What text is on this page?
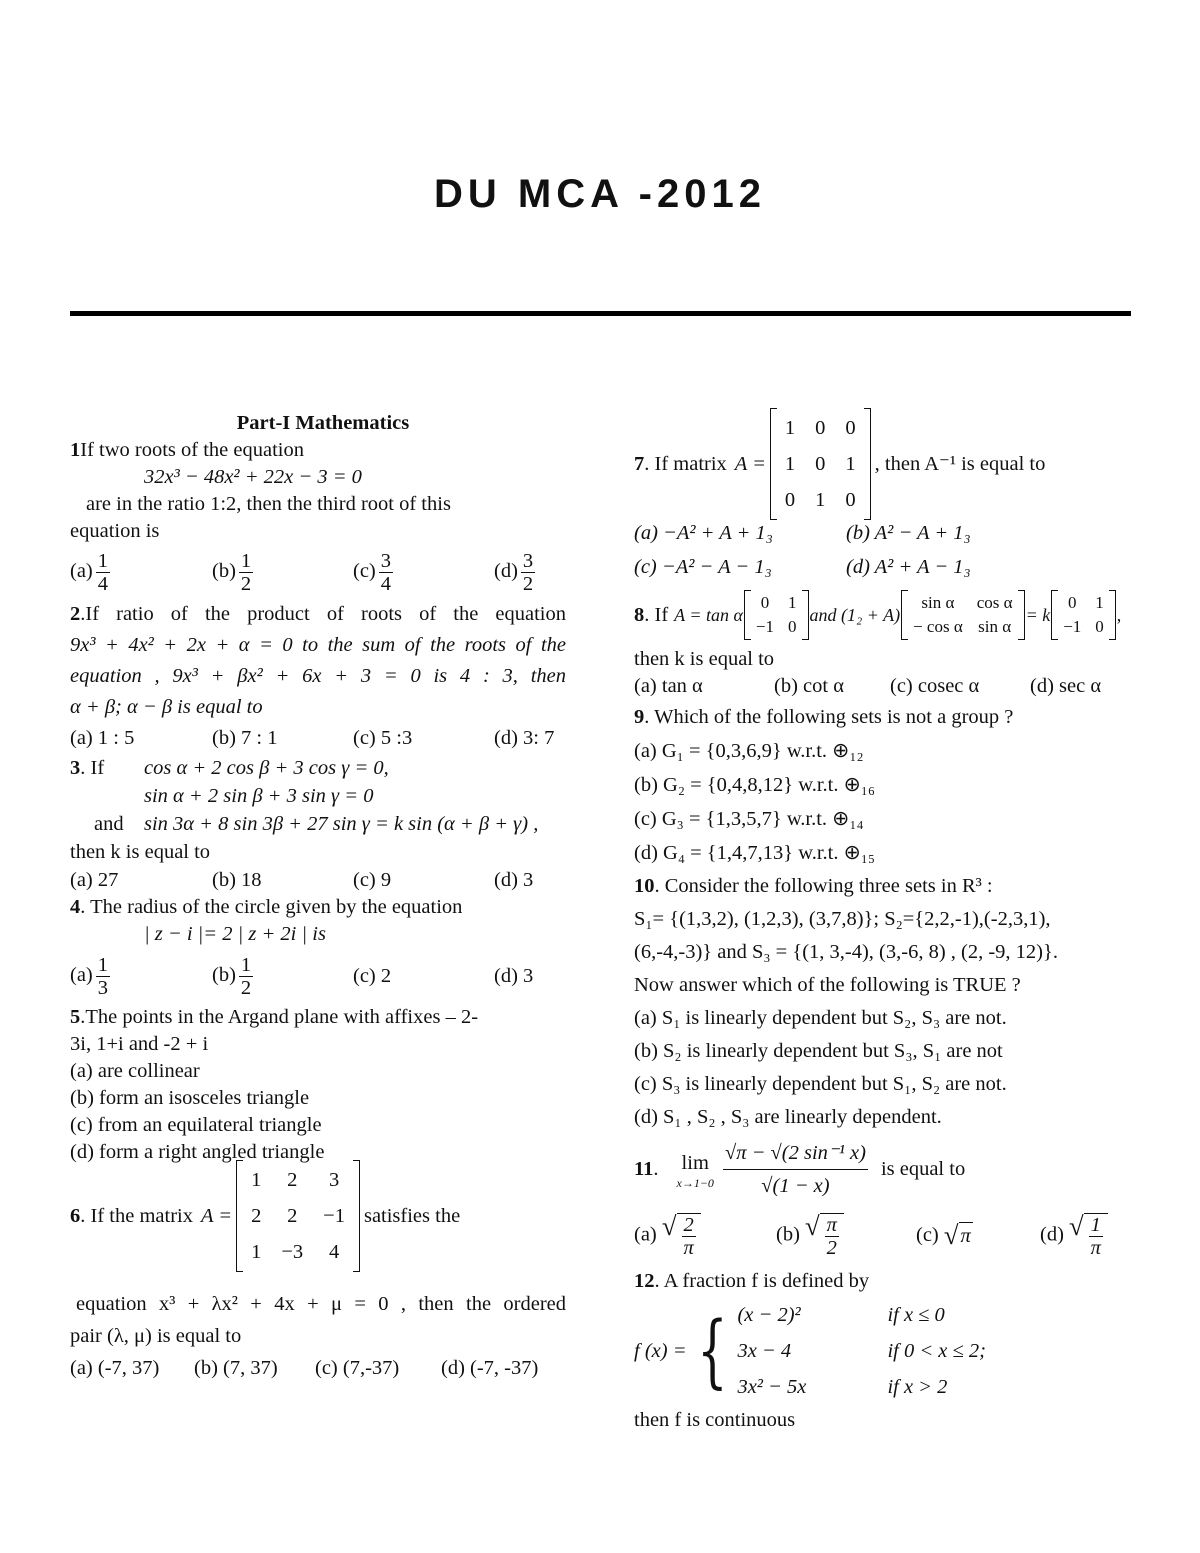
DU MCA -2012
Part-I Mathematics
1If two roots of the equation
32x³ − 48x² + 22x − 3 = 0
are in the ratio 1:2, then the third root of this
equation is
$(a) \frac{1}{4}$	$(b) \frac{1}{2}$	$(c) \frac{3}{4}$	$(d) \frac{3}{2}$
2.If ratio of the product of roots of the equation
9x³ + 4x² + 2x + α = 0 to the sum of the roots of the
equation , 9x³ + βx² + 6x + 3 = 0 is 4 : 3, then
α + β; α − β is equal to
(a) 1 : 5	(b) 7 : 1	(c) 5 :3	(d) 3: 7
3. If cos α + 2 cos β + 3 cos γ = 0,
sin α + 2 sin β + 3 sin γ = 0
and sin 3α + 8 sin 3β + 27 sin γ = k sin (α + β + γ) ,
then k is equal to
(a) 27	(b) 18	(c) 9	(d) 3
4. The radius of the circle given by the equation
| z − i |= 2 | z + 2i | is
$(a) \frac{1}{3}$	$(b) \frac{1}{2}$	(c) 2	(d) 3
5.The points in the Argand plane with affixes – 2-
3i, 1+i and -2 + i
(a) are collinear
(b) form an isosceles triangle
(c) from an equilateral triangle
(d) form a right angled triangle
6 . If the matrix A =
1 2 3
2 2 −1
1 −3 4
satisfies the
equation x³ + λx² + 4x + μ = 0 , then the ordered
pair (λ, μ) is equal to
(a) (-7, 37)	(b) (7, 37)	(c) (7,-37)	(d) (-7, -37)
7 . If matrix A =
1 0 0
1 0 1
0 1 0
, then A⁻¹ is equal to
(a) −A² + A + 1₃	(b) A² − A + 1₃
(c) −A² − A − 1₃	(d) A² + A − 1₃
8 . If A = tan α
0 1
−1 0
and (1₂ + A)
sin α	cos α
− cos α sin α
= k
0 1
−1 0
,
then k is equal to
(a) tan α	(b) cot α	(c) cosec α	(d) sec α
9. Which of the following sets is not a group ?
(a) G₁ = {0,3,6,9} w.r.t. ⊕₁₂
(b) G₂ = {0,4,8,12} w.r.t. ⊕₁₆
(c) G₃ = {1,3,5,7} w.r.t. ⊕₁₄
(d) G₄ = {1,4,7,13} w.r.t. ⊕₁₅
10. Consider the following three sets in R³ :
S₁= {(1,3,2), (1,2,3), (3,7,8)}; S₂={2,2,-1),(-2,3,1),
(6,-4,-3)} and S₃ = {(1, 3,-4), (3,-6, 8) , (2, -9, 12)}.
Now answer which of the following is TRUE ?
(a) S₁ is linearly dependent but S₂, S₃ are not.
(b) S₂ is linearly dependent but S₃, S₁ are not
(c) S₃ is linearly dependent but S₁, S₂ are not.
(d) S₁ , S₂ , S₃ are linearly dependent.
11 . lim
$x\to 1-0 \frac{\text{√π − √(2 sin⁻¹ x)}}{√(1 - x)}$ is equal to
(a) √ $\frac{2}{\pi}$	(b) √ $\frac{\pi}{2}$	(c) √ π	(d) √ $\frac{1}{\pi}$
12. A fraction f is defined by
f (x) = { (x − 2)²	if x ≤ 0
3x − 4	if 0 < x ≤ 2;
3x² − 5x	if x > 2
then f is continuous
